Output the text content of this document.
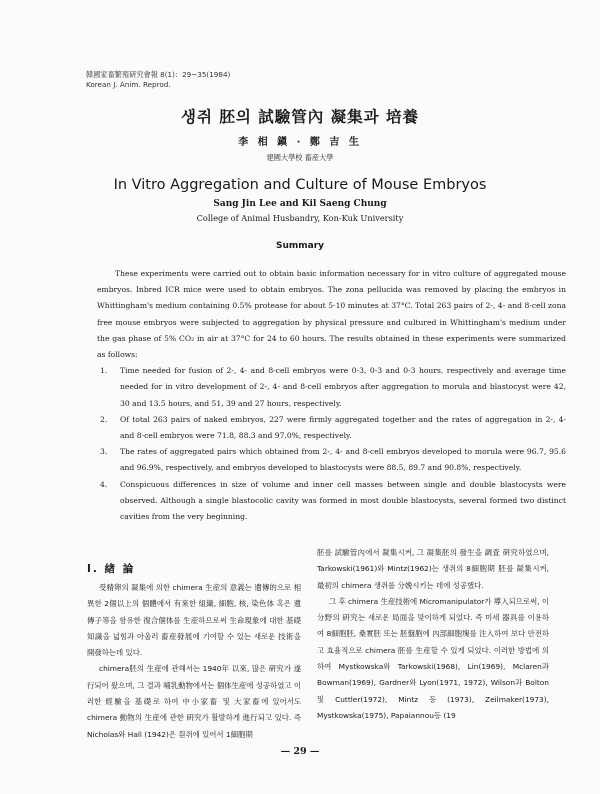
韓國家畜繁殖硏究會報 8(1)：29~35(1984)
Korean J. Anim. Reprod.
생쥐 胚의 試驗管內 凝集과 培養
李 相 鎭 · 鄭 吉 生
建國大學校 畜産大學
In Vitro Aggregation and Culture of Mouse Embryos
Sang Jin Lee and Kil Saeng Chung
College of Animal Husbandry, Kon-Kuk University
Summary

These experiments were carried out to obtain basic information necessary for in vitro culture of aggregated mouse embryos. Inbred ICR mice were used to obtain embryos. The zona pellucida was removed by placing the embryos in Whittingham's medium containing 0.5% protease for about 5-10 minutes at 37°C. Total 263 pairs of 2-, 4- and 8-cell zona free mouse embryos were subjected to aggregation by physical pressure and cultured in Whittingham's medium under the gas phase of 5% CO₂ in air at 37°C for 24 to 60 hours. The results obtained in these experiments were summarized as follows:

1. Time needed for fusion of 2-, 4- and 8-cell embryos were 0-3, 0-3 and 0-3 hours, respectively and average time needed for in vitro development of 2-, 4- and 8-cell embryos after aggregation to morula and blastocyst were 42, 30 and 13.5 hours, and 51, 39 and 27 hours, respectively.
2. Of total 263 pairs of naked embryos, 227 were firmly aggregated together and the rates of aggregation in 2-, 4- and 8-cell embryos were 71.8, 88.3 and 97.0%, respectively.
3. The rates of aggregated pairs which obtained from 2-, 4- and 8-cell embryos developed to morula were 96.7, 95.6 and 96.9%, respectively, and embryos developed to blastocysts were 88.5, 89.7 and 90.8%, respectively.
4. Conspicuous differences in size of volume and inner cell masses between single and double blastocysts were observed. Although a single blastocolic cavity was formed in most double blastocysts, several formed two distinct cavities from the very beginning.
I. 緖 論

受精卵의 凝集에 의한 chimera 生産의 意義는 遺傳的으로 相異한 2個以上의 個體에서 有來한 組織, 細胞, 核, 染色体 혹은 遺傳子等을 함유한 復合個体를 生産하므로써 生命現象에 대한 基礎知識을 넓힘과 아울러 畜産發展에 기여할 수 있는 새로운 技術을 開發하는데 있다.

chimera胚의 生産에 관해서는 1940年 以來, 많은 硏究가 遂行되어 왔으며, 그 결과 哺乳動物에서는 個体生産에 성공하였고 이러한 經驗을 基礎로 하여 中小家畜 및 大家畜에 있어서도 chimera 動物의 生産에 관한 硏究가 활발하게 進行되고 있다. 즉 Nicholas와 Hall (1942)은 흰쥐에 있어서 1細胞期

胚를 試驗管內에서 凝集시켜, 그 凝集胚의 發生을 調査 硏究하였으며, Tarkowski(1961)와 Mintz(1962)는 생쥐의 8細胞期 胚를 凝集시켜, 最初의 chimera 생쥐를 分娩시키는 데에 성공했다.

그 후 chimera 生産技術에 Micromanipulator가 導入되므로써, 이 分野의 硏究는 새로운 局面을 맞이하게 되었다. 즉 미세 器具를 이용하여 8細胞胚, 桑實胚 또는 胚盤胞에 內部細胞塊를 注入하여 보다 안전하고 효율적으로 chimera 胚를 生産할 수 있게 되었다. 이러한 방법에 의하여 Mystkowska와 Tarkowski(1968), Lin(1969), Mclaren과 Bowman(1969), Gardner와 Lyon(1971, 1972), Wilson과 Bolton 및 Cuttler(1972), Mintz 등 (1973), Zeilmaker(1973), Mystkowska(1975), Papaiannou등 (19

— 29 —
